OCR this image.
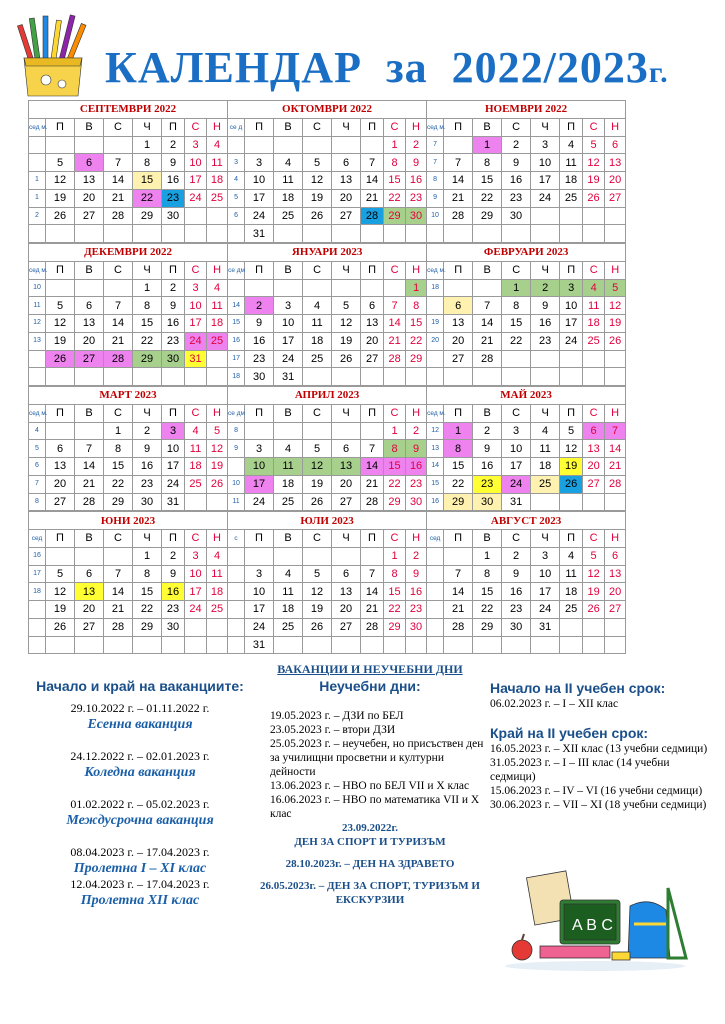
КАЛЕНДАР за 2022/2023г.
СЕПТЕМВРИ 2022								ОКТОМВРИ 2022								НОЕМВРИ 2022							
сед м.	П	В	С	Ч	П	С	Н	се д	П	В	С	Ч	П	С	Н	сед м.	П	В	С	Ч	П	С	Н
				1	2	3	4							1	2	7		1	2	3	4	5	6
	5	6	7	8	9	10	11	3	3	4	5	6	7	8	9	7	7	8	9	10	11	12	13
1	12	13	14	15	16	17	18	4	10	11	12	13	14	15	16	8	14	15	16	17	18	19	20
1	19	20	21	22	23	24	25	5	17	18	19	20	21	22	23	9	21	22	23	24	25	26	27
2	26	27	28	29	30			6	24	25	26	27	28	29	30	10	28	29	30				
									31														
ДЕКЕМВРИ 2022								ЯНУАРИ 2023								ФЕВРУАРИ 2023							
сед м.	П	В	С	Ч	П	С	Н	се дм	П	В	С	Ч	П	С	Н	сед м.	П	В	С	Ч	П	С	Н
10				1	2	3	4								1	18			1	2	3	4	5
11	5	6	7	8	9	10	11	14	2	3	4	5	6	7	8		6	7	8	9	10	11	12
12	12	13	14	15	16	17	18	15	9	10	11	12	13	14	15	19	13	14	15	16	17	18	19
13	19	20	21	22	23	24	25	16	16	17	18	19	20	21	22	20	20	21	22	23	24	25	26
	26	27	28	29	30	31		17	23	24	25	26	27	28	29		27	28					
								18	30	31													
МАРТ 2023								АПРИЛ 2023								МАЙ 2023							
сед м.	П	В	С	Ч	П	С	Н	се дм	П	В	С	Ч	П	С	Н	сед м.	П	В	С	Ч	П	С	Н
4			1	2	3	4	5	8						1	2	12	1	2	3	4	5	6	7
5	6	7	8	9	10	11	12	9	3	4	5	6	7	8	9	13	8	9	10	11	12	13	14
6	13	14	15	16	17	18	19		10	11	12	13	14	15	16	14	15	16	17	18	19	20	21
7	20	21	22	23	24	25	26	10	17	18	19	20	21	22	23	15	22	23	24	25	26	27	28
8	27	28	29	30	31			11	24	25	26	27	28	29	30	16	29	30	31				
ЮНИ 2023								ЮЛИ 2023								АВГУСТ 2023							
сед	П	В	С	Ч	П	С	Н	с	П	В	С	Ч	П	С	Н	сед	П	В	С	Ч	П	С	Н
16				1	2	3	4							1	2			1	2	3	4	5	6
17	5	6	7	8	9	10	11		3	4	5	6	7	8	9		7	8	9	10	11	12	13
18	12	13	14	15	16	17	18		10	11	12	13	14	15	16		14	15	16	17	18	19	20
	19	20	21	22	23	24	25		17	18	19	20	21	22	23		21	22	23	24	25	26	27
	26	27	28	29	30				24	25	26	27	28	29	30		28	29	30	31			
									31														
Начало и край на ваканциите:
29.10.2022 г. – 01.11.2022 г.
Есенна ваканция
24.12.2022 г. – 02.01.2023 г.
Коледна ваканция
01.02.2022 г. – 05.02.2023 г.
Междусрочна ваканция
08.04.2023 г. – 17.04.2023 г.
Пролетна I – XI клас
12.04.2023 г. – 17.04.2023 г.
Пролетна XII клас
ВАКАНЦИИ И НЕУЧЕБНИ ДНИ
Неучебни дни:
19.05.2023 г. – ДЗИ по БЕЛ
23.05.2023 г. – втори ДЗИ
25.05.2023 г. – неучебен, но присъствен ден за училищни просветни и културни дейности
13.06.2023 г. – НВО по БЕЛ VII и X клас
16.06.2023 г. – НВО по математика VII и X клас
23.09.2022г.
ДЕН ЗА СПОРТ И ТУРИЗЪМ
28.10.2023г. – ДЕН НА ЗДРАВЕТО
26.05.2023г. – ДЕН ЗА СПОРТ, ТУРИЗЪМ И ЕКСКУРЗИИ
Начало на II учебен срок:
06.02.2023 г. – I – XII клас
Край на II учебен срок:
16.05.2023 г. – XII клас (13 учебни седмици)
31.05.2023 г. – I – III клас (14 учебни седмици)
15.06.2023 г. – IV – VI (16 учебни седмици)
30.06.2023 г. – VII – XI (18 учебни седмици)
A B C
